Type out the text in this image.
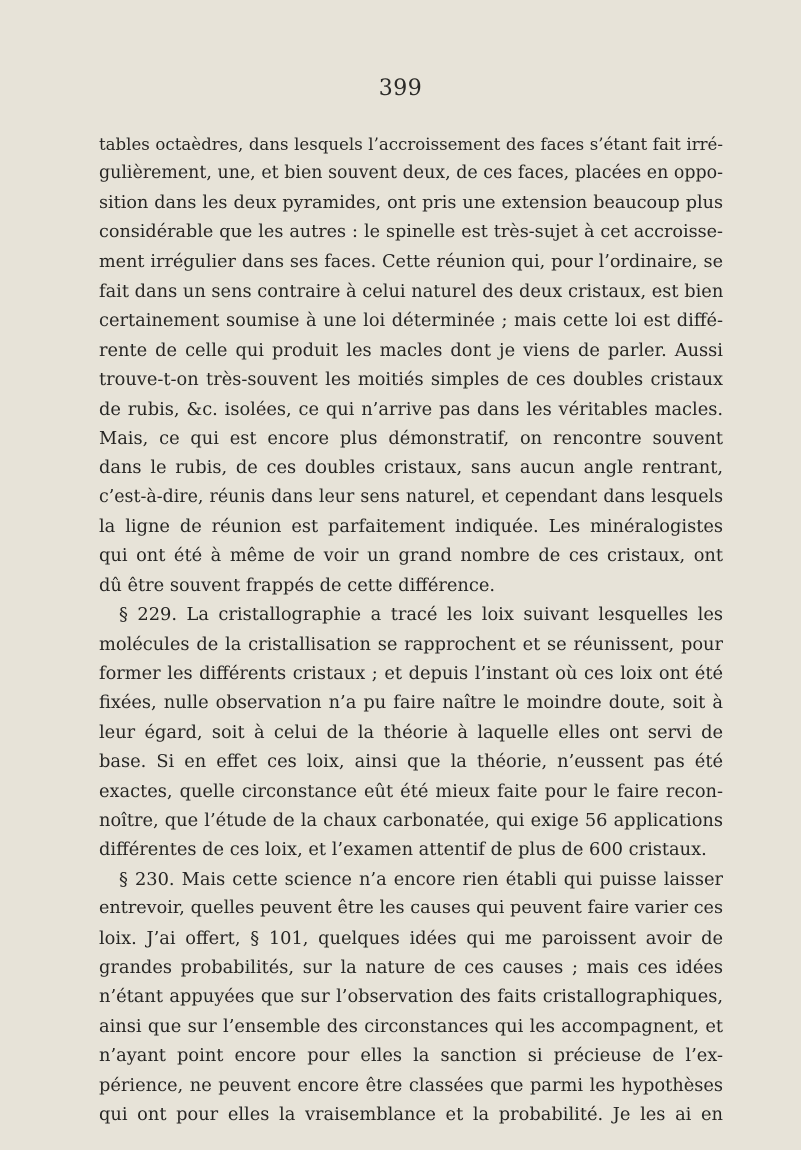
399
tables octaèdres, dans lesquels l’accroissement des faces s’étant fait irré-
gulièrement, une, et bien souvent deux, de ces faces, placées en oppo-
sition dans les deux pyramides, ont pris une extension beaucoup plus
considérable que les autres : le spinelle est très-sujet à cet accroisse-
ment irrégulier dans ses faces. Cette réunion qui, pour l’ordinaire, se
fait dans un sens contraire à celui naturel des deux cristaux, est bien
certainement soumise à une loi déterminée ; mais cette loi est diffé-
rente de celle qui produit les macles dont je viens de parler. Aussi
trouve-t-on très-souvent les moitiés simples de ces doubles cristaux
de rubis, &c. isolées, ce qui n’arrive pas dans les véritables macles.
Mais, ce qui est encore plus démonstratif, on rencontre souvent
dans le rubis, de ces doubles cristaux, sans aucun angle rentrant,
c’est-à-dire, réunis dans leur sens naturel, et cependant dans lesquels
la ligne de réunion est parfaitement indiquée. Les minéralogistes
qui ont été à même de voir un grand nombre de ces cristaux, ont
dû être souvent frappés de cette différence.
§ 229. La cristallographie a tracé les loix suivant lesquelles les
molécules de la cristallisation se rapprochent et se réunissent, pour
former les différents cristaux ; et depuis l’instant où ces loix ont été
fixées, nulle observation n’a pu faire naître le moindre doute, soit à
leur égard, soit à celui de la théorie à laquelle elles ont servi de
base. Si en effet ces loix, ainsi que la théorie, n’eussent pas été
exactes, quelle circonstance eût été mieux faite pour le faire recon-
noître, que l’étude de la chaux carbonatée, qui exige 56 applications
différentes de ces loix, et l’examen attentif de plus de 600 cristaux.
§ 230. Mais cette science n’a encore rien établi qui puisse laisser
entrevoir, quelles peuvent être les causes qui peuvent faire varier ces
loix. J’ai offert, § 101, quelques idées qui me paroissent avoir de
grandes probabilités, sur la nature de ces causes ; mais ces idées
n’étant appuyées que sur l’observation des faits cristallographiques,
ainsi que sur l’ensemble des circonstances qui les accompagnent, et
n’ayant point encore pour elles la sanction si précieuse de l’ex-
périence, ne peuvent encore être classées que parmi les hypothèses
qui ont pour elles la vraisemblance et la probabilité. Je les ai en
